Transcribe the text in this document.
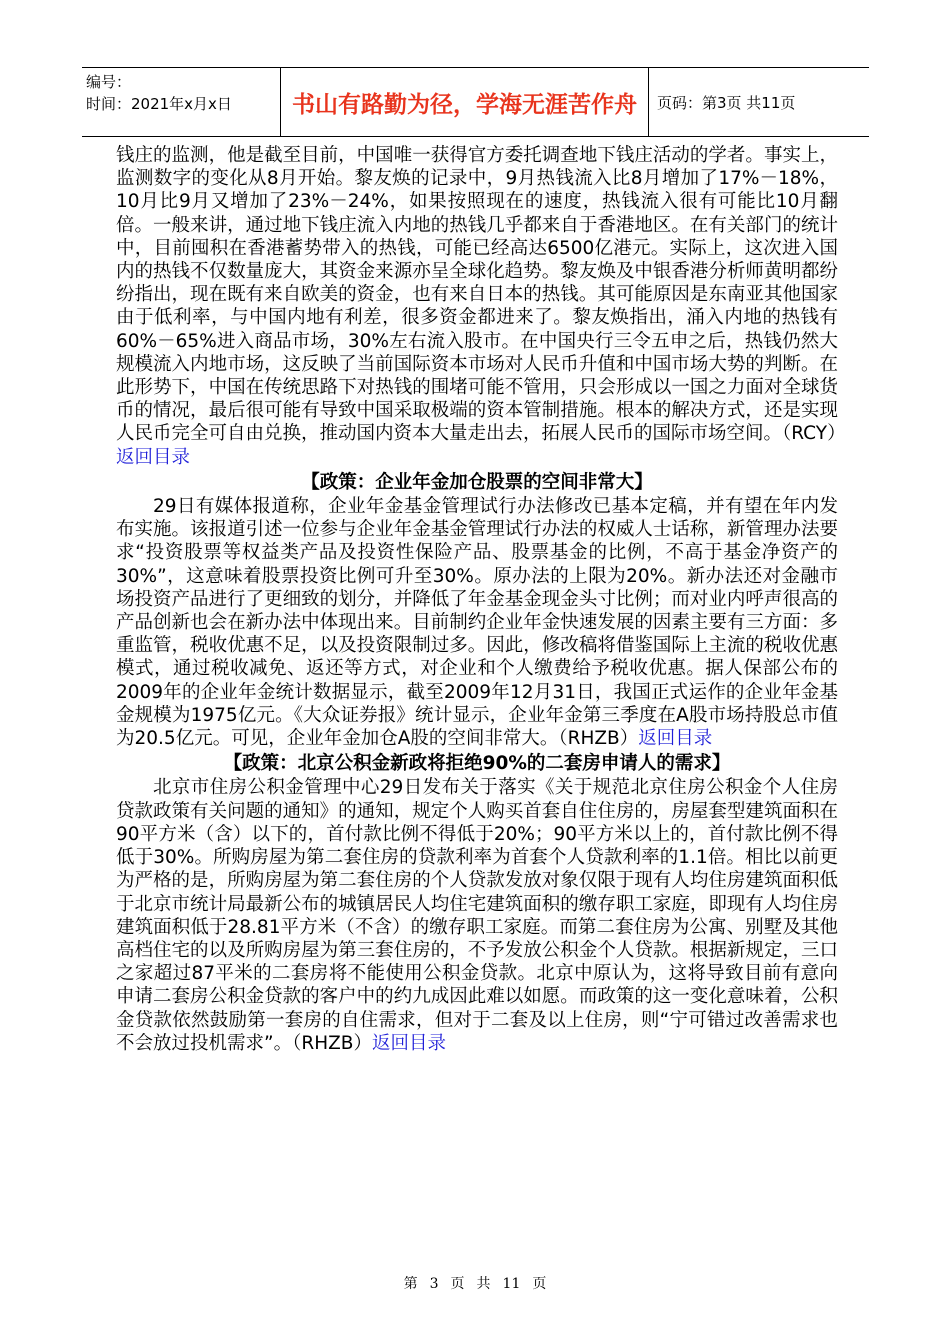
编号：
时间：2021年x月x日	书山有路勤为径，学海无涯苦作舟	页码：第3页 共11页

钱庄的监测，他是截至目前，中国唯一获得官方委托调查地下钱庄活动的学者。事实上，监测数字的变化从8月开始。黎友焕的记录中，9月热钱流入比8月增加了17%－18%，10月比9月又增加了23%－24%，如果按照现在的速度，热钱流入很有可能比10月翻倍。一般来讲，通过地下钱庄流入内地的热钱几乎都来自于香港地区。在有关部门的统计中，目前囤积在香港蓄势带入的热钱，可能已经高达6500亿港元。实际上，这次进入国内的热钱不仅数量庞大，其资金来源亦呈全球化趋势。黎友焕及中银香港分析师黄明都纷纷指出，现在既有来自欧美的资金，也有来自日本的热钱。其可能原因是东南亚其他国家由于低利率，与中国内地有利差，很多资金都进来了。黎友焕指出，涌入内地的热钱有60%－65%进入商品市场，30%左右流入股市。在中国央行三令五申之后，热钱仍然大规模流入内地市场，这反映了当前国际资本市场对人民币升值和中国市场大势的判断。在此形势下，中国在传统思路下对热钱的围堵可能不管用，只会形成以一国之力面对全球货币的情况，最后很可能有导致中国采取极端的资本管制措施。根本的解决方式，还是实现人民币完全可自由兑换，推动国内资本大量走出去，拓展人民币的国际市场空间。（RCY）返回目录

【政策：企业年金加仓股票的空间非常大】

29日有媒体报道称，企业年金基金管理试行办法修改已基本定稿，并有望在年内发布实施。该报道引述一位参与企业年金基金管理试行办法的权威人士话称，新管理办法要求“投资股票等权益类产品及投资性保险产品、股票基金的比例，不高于基金净资产的30%”，这意味着股票投资比例可升至30%。原办法的上限为20%。新办法还对金融市场投资产品进行了更细致的划分，并降低了年金基金现金头寸比例；而对业内呼声很高的产品创新也会在新办法中体现出来。目前制约企业年金快速发展的因素主要有三方面：多重监管，税收优惠不足，以及投资限制过多。因此，修改稿将借鉴国际上主流的税收优惠模式，通过税收减免、返还等方式，对企业和个人缴费给予税收优惠。据人保部公布的2009年的企业年金统计数据显示，截至2009年12月31日，我国正式运作的企业年金基金规模为1975亿元。《大众证券报》统计显示，企业年金第三季度在A股市场持股总市值为20.5亿元。可见，企业年金加仓A股的空间非常大。（RHZB）返回目录

【政策：北京公积金新政将拒绝90%的二套房申请人的需求】

北京市住房公积金管理中心29日发布关于落实《关于规范北京住房公积金个人住房贷款政策有关问题的通知》的通知，规定个人购买首套自住住房的，房屋套型建筑面积在90平方米（含）以下的，首付款比例不得低于20%；90平方米以上的，首付款比例不得低于30%。所购房屋为第二套住房的贷款利率为首套个人贷款利率的1.1倍。相比以前更为严格的是，所购房屋为第二套住房的个人贷款发放对象仅限于现有人均住房建筑面积低于北京市统计局最新公布的城镇居民人均住宅建筑面积的缴存职工家庭，即现有人均住房建筑面积低于28.81平方米（不含）的缴存职工家庭。而第二套住房为公寓、别墅及其他高档住宅的以及所购房屋为第三套住房的，不予发放公积金个人贷款。根据新规定，三口之家超过87平米的二套房将不能使用公积金贷款。北京中原认为，这将导致目前有意向申请二套房公积金贷款的客户中的约九成因此难以如愿。而政策的这一变化意味着，公积金贷款依然鼓励第一套房的自住需求，但对于二套及以上住房，则“宁可错过改善需求也不会放过投机需求”。（RHZB）返回目录

第 3 页 共 11 页
